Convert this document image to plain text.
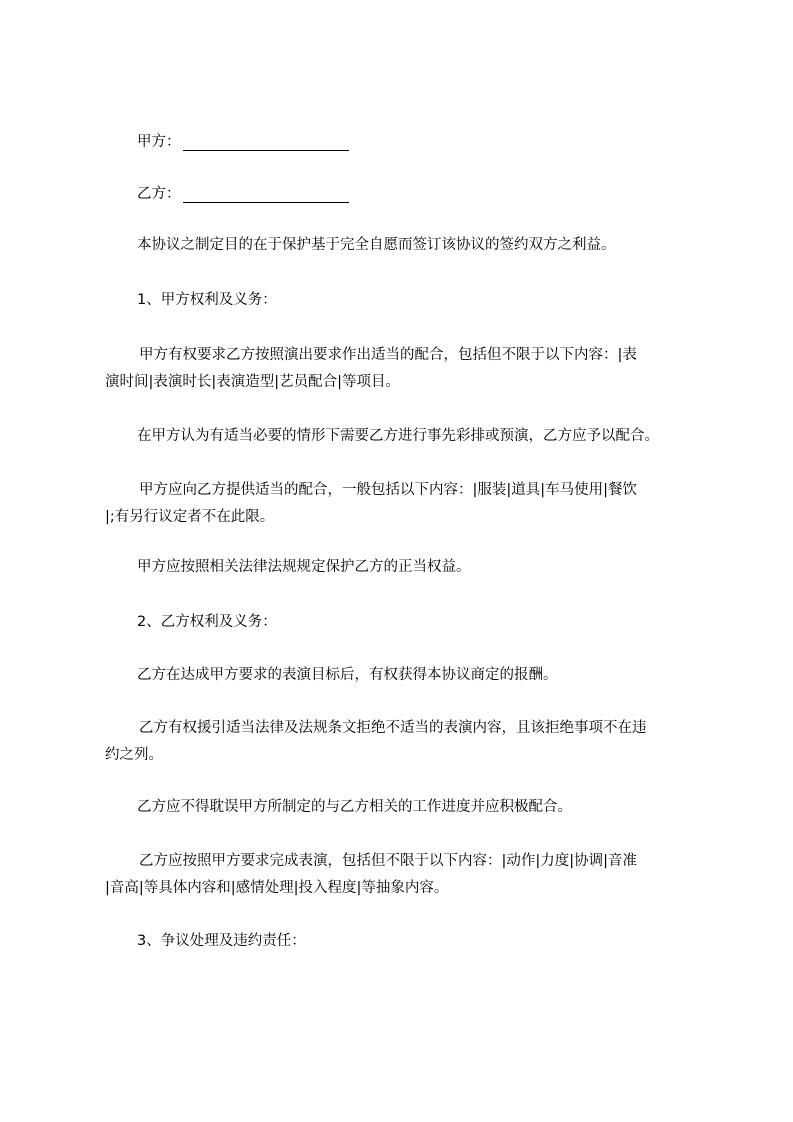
甲方：
乙方：
本协议之制定目的在于保护基于完全自愿而签订该协议的签约双方之利益。
1、甲方权利及义务：
甲方有权要求乙方按照演出要求作出适当的配合，包括但不限于以下内容：|表
演时间|表演时长|表演造型|艺员配合|等项目。
在甲方认为有适当必要的情形下需要乙方进行事先彩排或预演，乙方应予以配合。
甲方应向乙方提供适当的配合，一般包括以下内容：|服装|道具|车马使用|餐饮
|;有另行议定者不在此限。
甲方应按照相关法律法规规定保护乙方的正当权益。
2、乙方权利及义务：
乙方在达成甲方要求的表演目标后，有权获得本协议商定的报酬。
乙方有权援引适当法律及法规条文拒绝不适当的表演内容，且该拒绝事项不在违
约之列。
乙方应不得耽误甲方所制定的与乙方相关的工作进度并应积极配合。
乙方应按照甲方要求完成表演，包括但不限于以下内容：|动作|力度|协调|音准
|音高|等具体内容和|感情处理|投入程度|等抽象内容。
3、争议处理及违约责任：
